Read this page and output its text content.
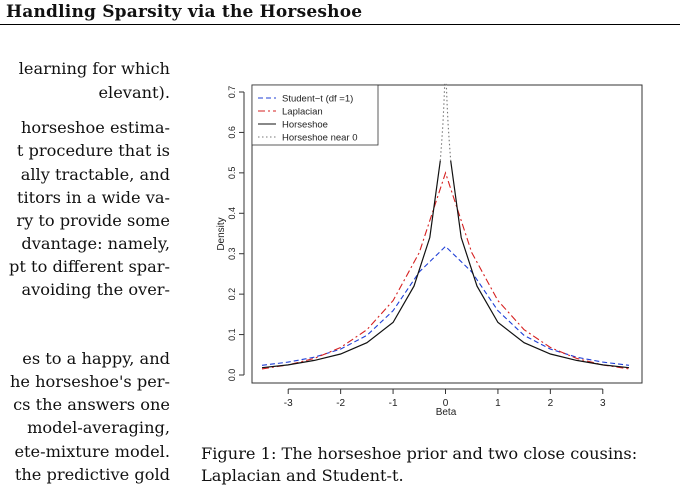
Handling Sparsity via the Horseshoe
learning for which
elevant).
horseshoe estima-
t procedure that is
ally tractable, and
titors in a wide va-
ry to provide some
dvantage: namely,
pt to different spar-
avoiding the over-
es to a happy, and
he horseshoe's per-
cs the answers one
model-averaging,
ete-mixture model.
the predictive gold
-3	-2	-1	0	1	2	3
0.0
0.1
0.2
0.3
0.4
0.5
0.6
0.7
Student−t (df =1)
Laplacian
Horseshoe
Horseshoe near 0
Beta
Density
Figure 1: The horseshoe prior and two close cousins:
Laplacian and Student-t.
